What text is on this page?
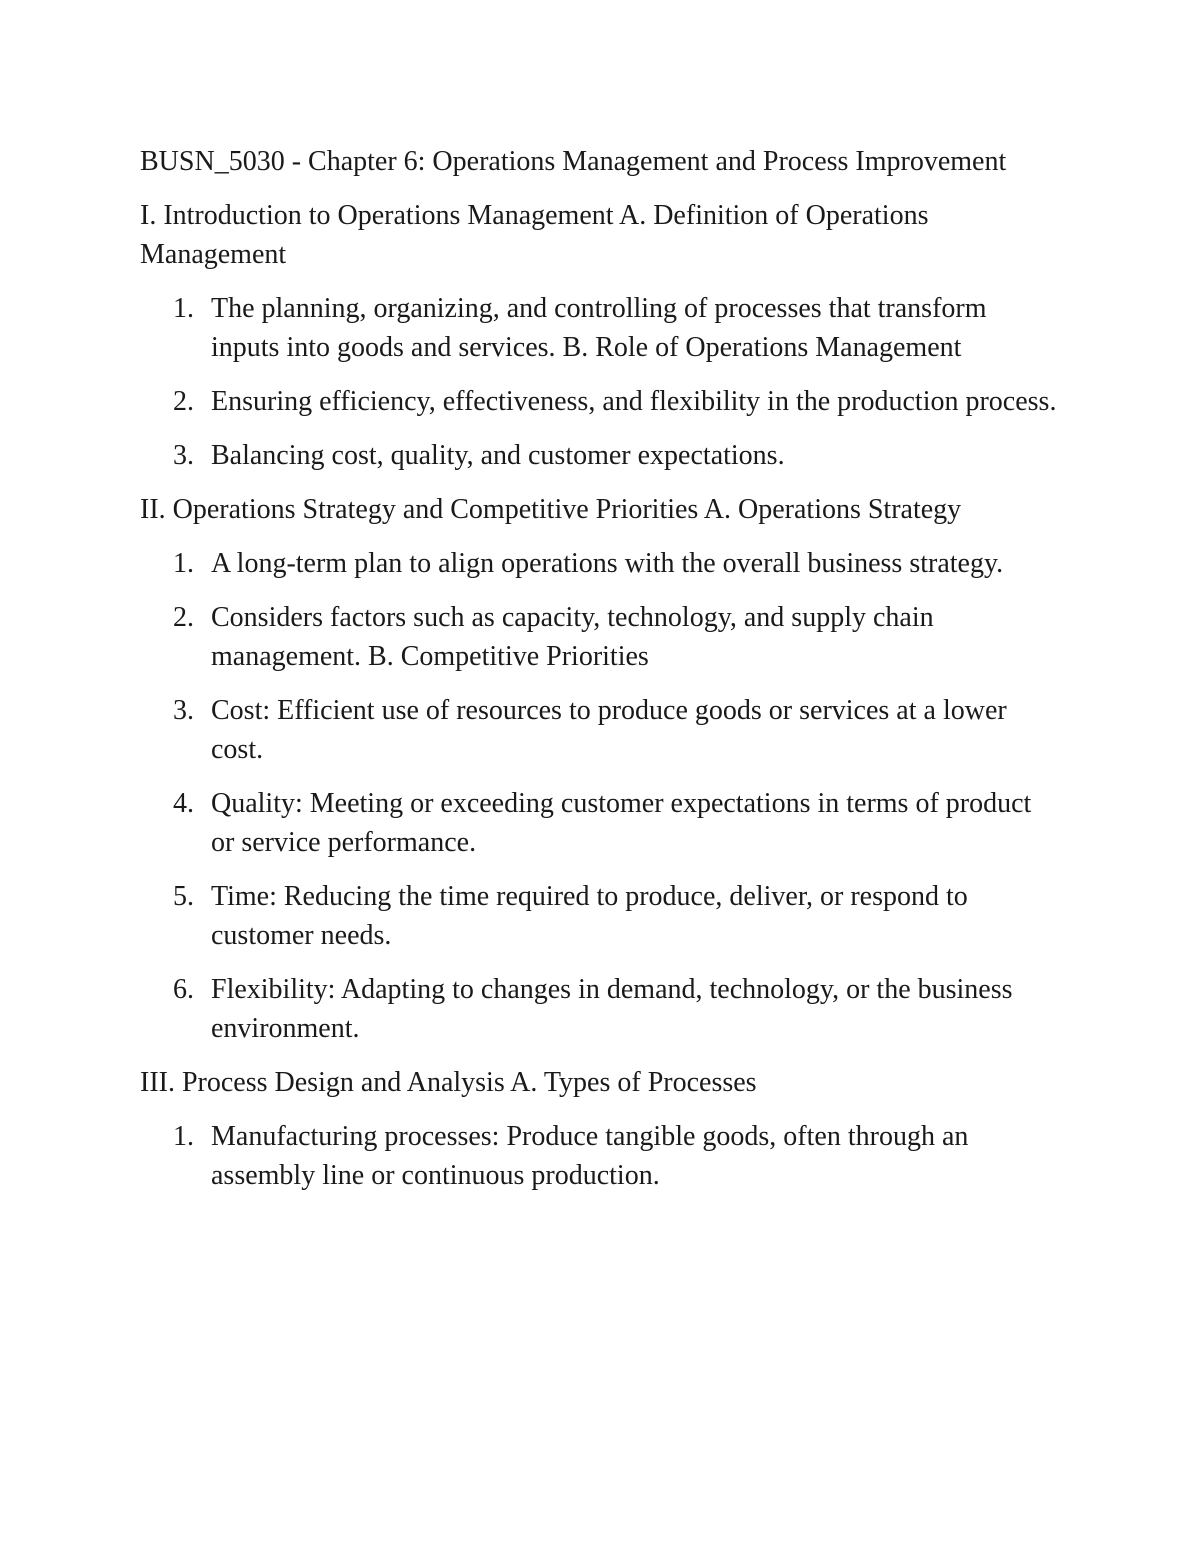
BUSN_5030 - Chapter 6: Operations Management and Process Improvement

I. Introduction to Operations Management A. Definition of Operations Management

1. The planning, organizing, and controlling of processes that transform inputs into goods and services. B. Role of Operations Management
2. Ensuring efficiency, effectiveness, and flexibility in the production process.
3. Balancing cost, quality, and customer expectations.

II. Operations Strategy and Competitive Priorities A. Operations Strategy

1. A long-term plan to align operations with the overall business strategy.
2. Considers factors such as capacity, technology, and supply chain management. B. Competitive Priorities
3. Cost: Efficient use of resources to produce goods or services at a lower cost.
4. Quality: Meeting or exceeding customer expectations in terms of product or service performance.
5. Time: Reducing the time required to produce, deliver, or respond to customer needs.
6. Flexibility: Adapting to changes in demand, technology, or the business environment.

III. Process Design and Analysis A. Types of Processes

1. Manufacturing processes: Produce tangible goods, often through an assembly line or continuous production.
